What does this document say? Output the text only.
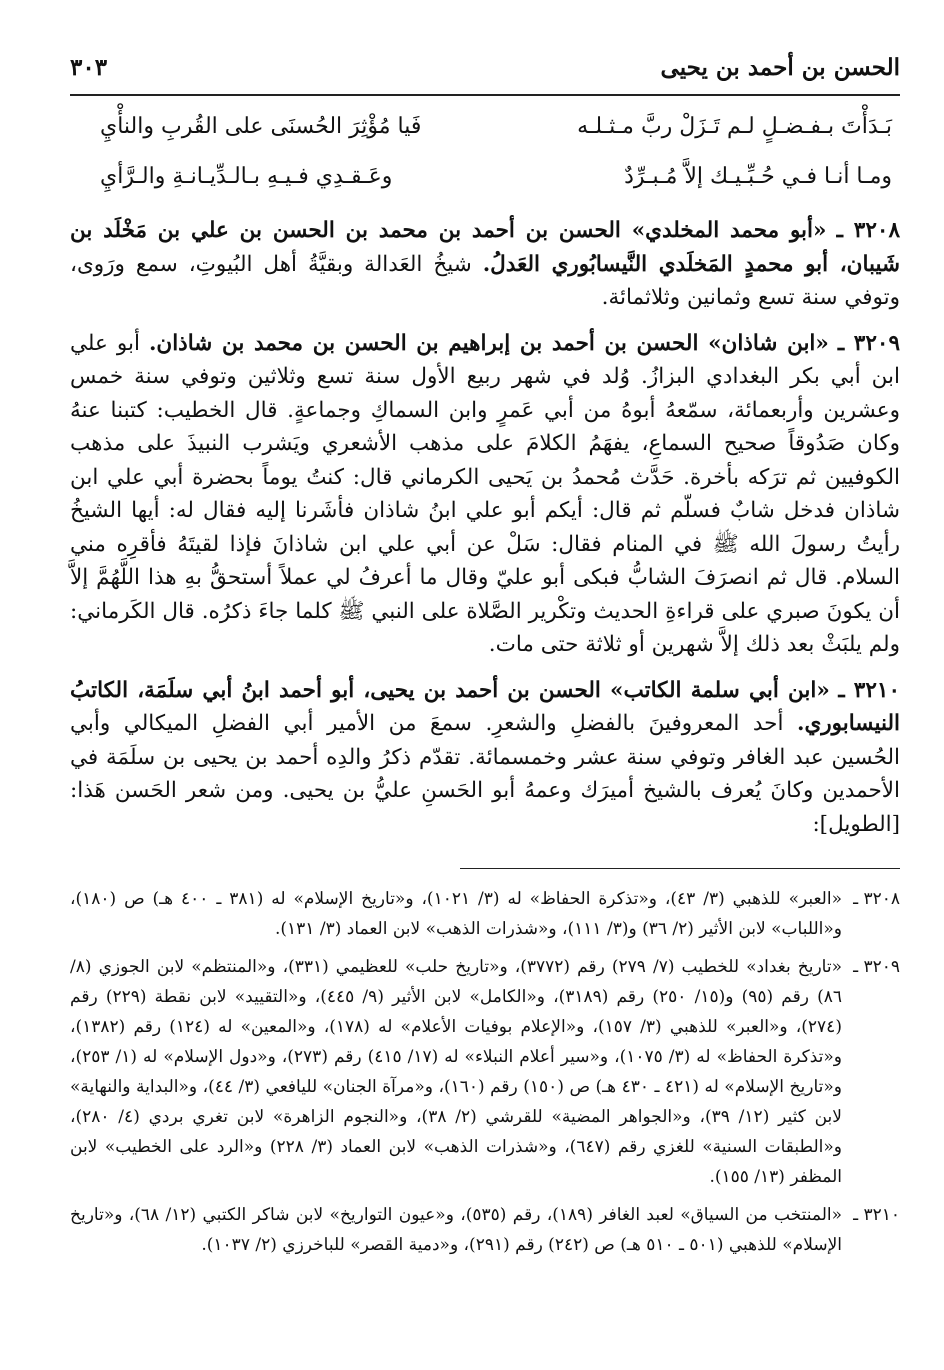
الحسن بن أحمد بن يحيى
٣٠٣
بَـدَأْتَ بـفـضـلٍ لـم تَـزَلْ ربَّ مـثـلـه
فَيا مُؤْثِرَ الحُسنَى على القُربِ والنأْيِ
ومـا أنـا فـي حُـبِّـيـك إلاَّ مُـبـرِّدٌ
وعَـقـدِي فـيـهِ بـالـدِّيـانـةِ والـرَّأيِ

٣٢٠٨ ـ «أبو محمد المخلدي» الحسن بن أحمد بن محمد بن الحسن بن علي بن مَخْلَد بن شَيبان، أبو محمدٍ المَخلَدي النَّيسابُوري العَدلُ. شيخُ العَدالة وبقيَّةُ أهل البُيوتِ، سمع ورَوى، وتوفي سنة تسع وثمانين وثلاثمائة.

٣٢٠٩ ـ «ابن شاذان» الحسن بن أحمد بن إبراهيم بن الحسن بن محمد بن شاذان. أبو علي ابن أبي بكر البغدادي البزازُ. وُلد في شهر ربيع الأول سنة تسع وثلاثين وتوفي سنة خمس وعشرين وأربعمائة، سمّعهُ أبوهُ من أبي عَمرٍ وابن السماكِ وجماعةٍ. قال الخطيب: كتبنا عنهُ وكان صَدُوقاً صحيح السماعِ، يفهَمُ الكلامَ على مذهب الأشعري ويَشرب النبيذَ على مذهب الكوفيين ثم ترَكه بأخرة. حَدَّث مُحمدُ بن يَحيى الكرماني قال: كنتُ يوماً بحضرة أبي علي ابن شاذان فدخل شابٌ فسلّم ثم قال: أيكم أبو علي ابنُ شاذان فأشَرنا إليه فقال له: أيها الشيخُ رأيتُ رسولَ الله ﷺ في المنام فقال: سَلْ عن أبي علي ابن شاذانَ فإذا لقيتَهُ فأقرِه مني السلام. قال ثم انصرَفَ الشابُّ فبكى أبو عليّ وقال ما أعرفُ لي عملاً أستحقُّ بهِ هذا اللَّهُمَّ إلاَّ أن يكونَ صبري على قراءةِ الحديث وتكْرير الصَّلاة على النبي ﷺ كلما جاءَ ذكرُه. قال الكَرماني: ولم يلبَثْ بعد ذلك إلاَّ شهرين أو ثلاثة حتى مات.

٣٢١٠ ـ «ابن أبي سلمة الكاتب» الحسن بن أحمد بن يحيى، أبو أحمد ابنُ أبي سلَمَة، الكاتبُ النيسابوري. أحد المعروفينَ بالفضلِ والشعرِ. سمعَ من الأمير أبي الفضلِ الميكالي وأبي الحُسين عبد الغافر وتوفي سنة عشر وخمسمائة. تقدّم ذكرُ والدِه أحمد بن يحيى بن سلَمَة في الأحمدين وكانَ يُعرف بالشيخ أميرَك وعمهُ أبو الحَسنِ عليُّ بن يحيى. ومن شعر الحَسن هَذا: [الطويل]:

٣٢٠٨ ـ
«العبر» للذهبي (٣/ ٤٣)، و«تذكرة الحفاظ» له (٣/ ١٠٢١)، و«تاريخ الإسلام» له (٣٨١ ـ ٤٠٠ هـ) ص (١٨٠)، و«اللباب» لابن الأثير (٢/ ٣٦) و(٣/ ١١١)، و«شذرات الذهب» لابن العماد (٣/ ١٣١).
٣٢٠٩ ـ
«تاريخ بغداد» للخطيب (٧/ ٢٧٩) رقم (٣٧٧٢)، و«تاريخ حلب» للعظيمي (٣٣١)، و«المنتظم» لابن الجوزي (٨/ ٨٦) رقم (٩٥) و(١٥/ ٢٥٠) رقم (٣١٨٩)، و«الكامل» لابن الأثير (٩/ ٤٤٥)، و«التقييد» لابن نقطة (٢٢٩) رقم (٢٧٤)، و«العبر» للذهبي (٣/ ١٥٧)، و«الإعلام بوفيات الأعلام» له (١٧٨)، و«المعين» له (١٢٤) رقم (١٣٨٢)، و«تذكرة الحفاظ» له (٣/ ١٠٧٥)، و«سير أعلام النبلاء» له (١٧/ ٤١٥) رقم (٢٧٣)، و«دول الإسلام» له (١/ ٢٥٣)، و«تاريخ الإسلام» له (٤٢١ ـ ٤٣٠ هـ) ص (١٥٠) رقم (١٦٠)، و«مرآة الجنان» لليافعي (٣/ ٤٤)، و«البداية والنهاية» لابن كثير (١٢/ ٣٩)، و«الجواهر المضية» للقرشي (٢/ ٣٨)، و«النجوم الزاهرة» لابن تغري بردي (٤/ ٢٨٠)، و«الطبقات السنية» للغزي رقم (٦٤٧)، و«شذرات الذهب» لابن العماد (٣/ ٢٢٨) و«الرد على الخطيب» لابن المظفر (١٣/ ١٥٥).
٣٢١٠ ـ
«المنتخب من السياق» لعبد الغافر (١٨٩)، رقم (٥٣٥)، و«عيون التواريخ» لابن شاكر الكتبي (١٢/ ٦٨)، و«تاريخ الإسلام» للذهبي (٥٠١ ـ ٥١٠ هـ) ص (٢٤٢) رقم (٢٩١)، و«دمية القصر» للباخرزي (٢/ ١٠٣٧).
